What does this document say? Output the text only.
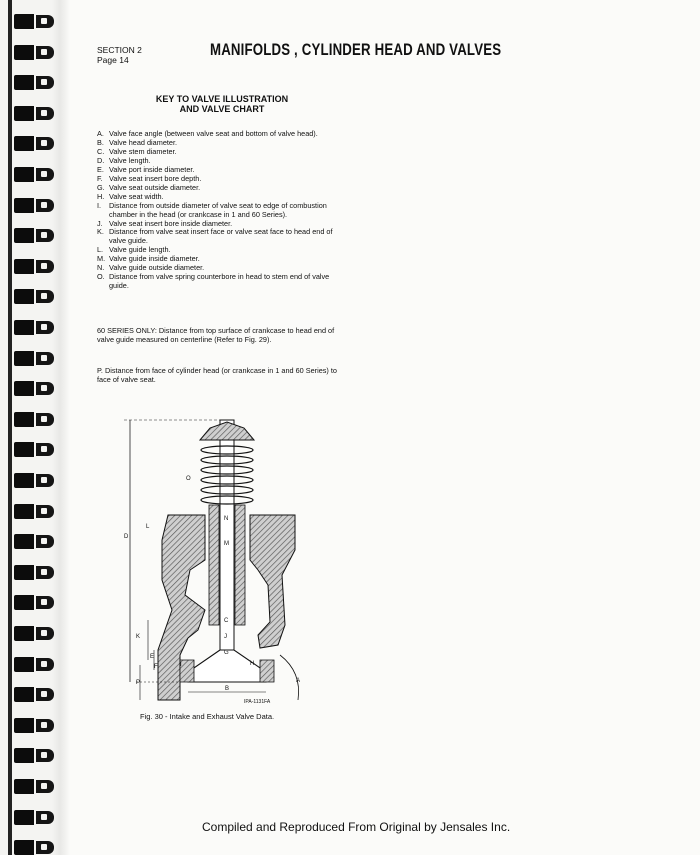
SECTION 2
Page 14
MANIFOLDS , CYLINDER HEAD AND VALVES
KEY TO VALVE ILLUSTRATION
AND VALVE CHART
A. Valve face angle (between valve seat and bottom of valve head).
B. Valve head diameter.
C. Valve stem diameter.
D. Valve length.
E. Valve port inside diameter.
F. Valve seat insert bore depth.
G. Valve seat outside diameter.
H. Valve seat width.
I. Distance from outside diameter of valve seat to edge of combustion chamber in the head (or crankcase in 1 and 60 Series).
J. Valve seat insert bore inside diameter.
K. Distance from valve seat insert face or valve seat face to head end of valve guide.
L. Valve guide length.
M. Valve guide inside diameter.
N. Valve guide outside diameter.
O. Distance from valve spring counterbore in head to stem end of valve guide.
60 SERIES ONLY: Distance from top surface of crankcase to head end of valve guide measured on centerline (Refer to Fig. 29).
P. Distance from face of cylinder head (or crankcase in 1 and 60 Series) to face of valve seat.
D
O
L
N
M
C
J
G
K
E
F	H
I
P
B
A
IPA-1131FA
Fig. 30 - Intake and Exhaust Valve Data.
Compiled and Reproduced From Original by Jensales Inc.
